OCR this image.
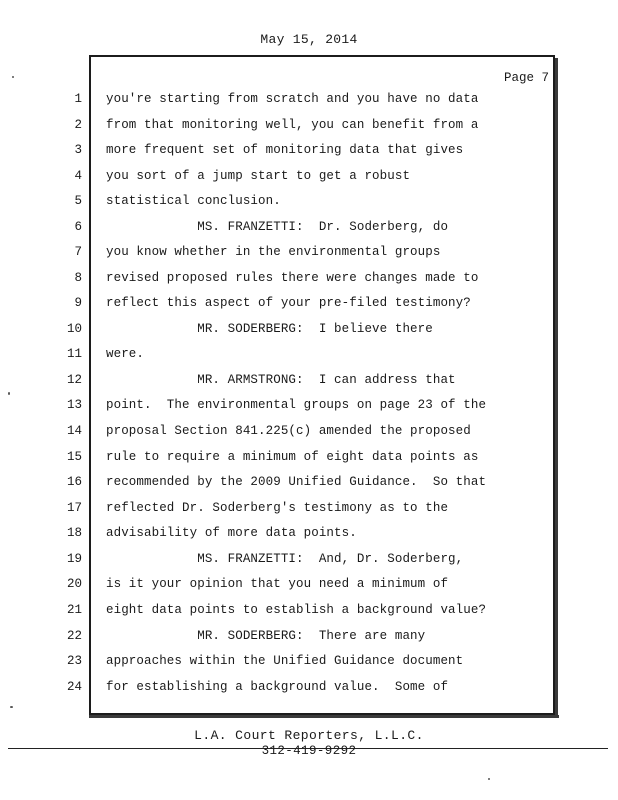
May 15, 2014
Page 7
1
2
3
4
5
6
7
8
9
10
11
12
13
14
15
16
17
18
19
20
21
22
23
24
you're starting from scratch and you have no data
from that monitoring well, you can benefit from a
more frequent set of monitoring data that gives
you sort of a jump start to get a robust
statistical conclusion.
MS. FRANZETTI:  Dr. Soderberg, do
you know whether in the environmental groups
revised proposed rules there were changes made to
reflect this aspect of your pre-filed testimony?
MR. SODERBERG:  I believe there
were.
MR. ARMSTRONG:  I can address that
point.  The environmental groups on page 23 of the
proposal Section 841.225(c) amended the proposed
rule to require a minimum of eight data points as
recommended by the 2009 Unified Guidance.  So that
reflected Dr. Soderberg's testimony as to the
advisability of more data points.
MS. FRANZETTI:  And, Dr. Soderberg,
is it your opinion that you need a minimum of
eight data points to establish a background value?
MR. SODERBERG:  There are many
approaches within the Unified Guidance document
for establishing a background value.  Some of
L.A. Court Reporters, L.L.C.
312-419-9292
